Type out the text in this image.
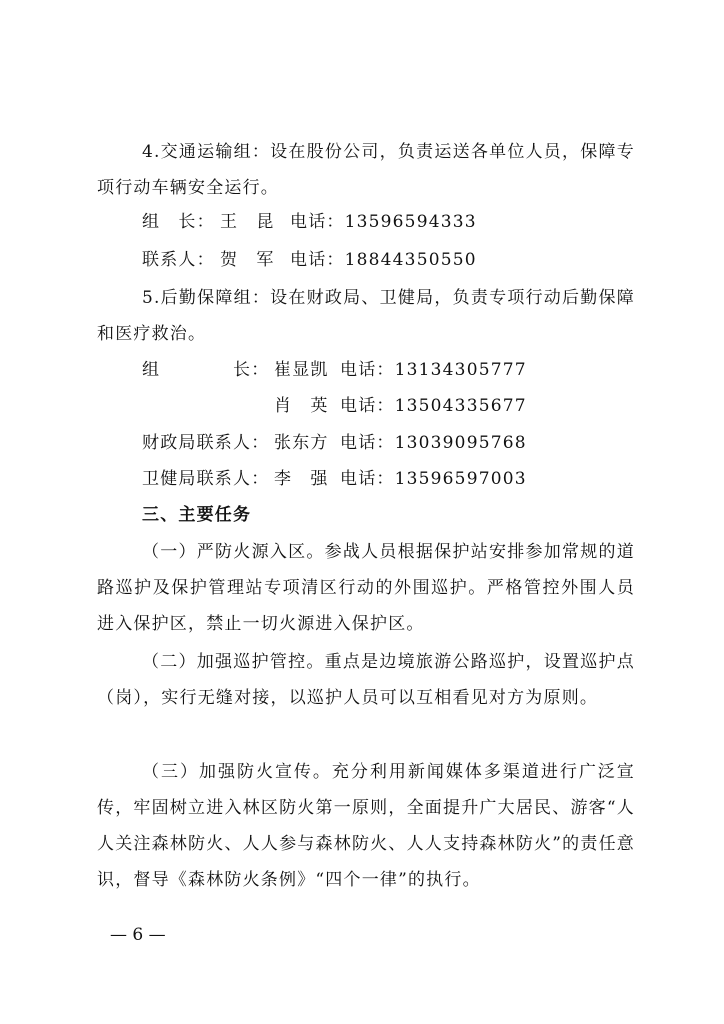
4.交通运输组：设在股份公司，负责运送各单位人员，保障专项行动车辆安全运行。
组　长： 王　昆 电话：13596594333
联系人： 贺　军 电话：18844350550
5.后勤保障组：设在财政局、卫健局，负责专项行动后勤保障和医疗救治。
组　　　　长： 崔显凯 电话：13134305777
肖　英 电话：13504335677
财政局联系人： 张东方 电话：13039095768
卫健局联系人： 李　强 电话：13596597003
三、主要任务
（一）严防火源入区。参战人员根据保护站安排参加常规的道路巡护及保护管理站专项清区行动的外围巡护。严格管控外围人员进入保护区，禁止一切火源进入保护区。
（二）加强巡护管控。重点是边境旅游公路巡护，设置巡护点（岗），实行无缝对接，以巡护人员可以互相看见对方为原则。
（三）加强防火宣传。充分利用新闻媒体多渠道进行广泛宣传，牢固树立进入林区防火第一原则，全面提升广大居民、游客“人人关注森林防火、人人参与森林防火、人人支持森林防火”的责任意识，督导《森林防火条例》“四个一律”的执行。
— 6 —
